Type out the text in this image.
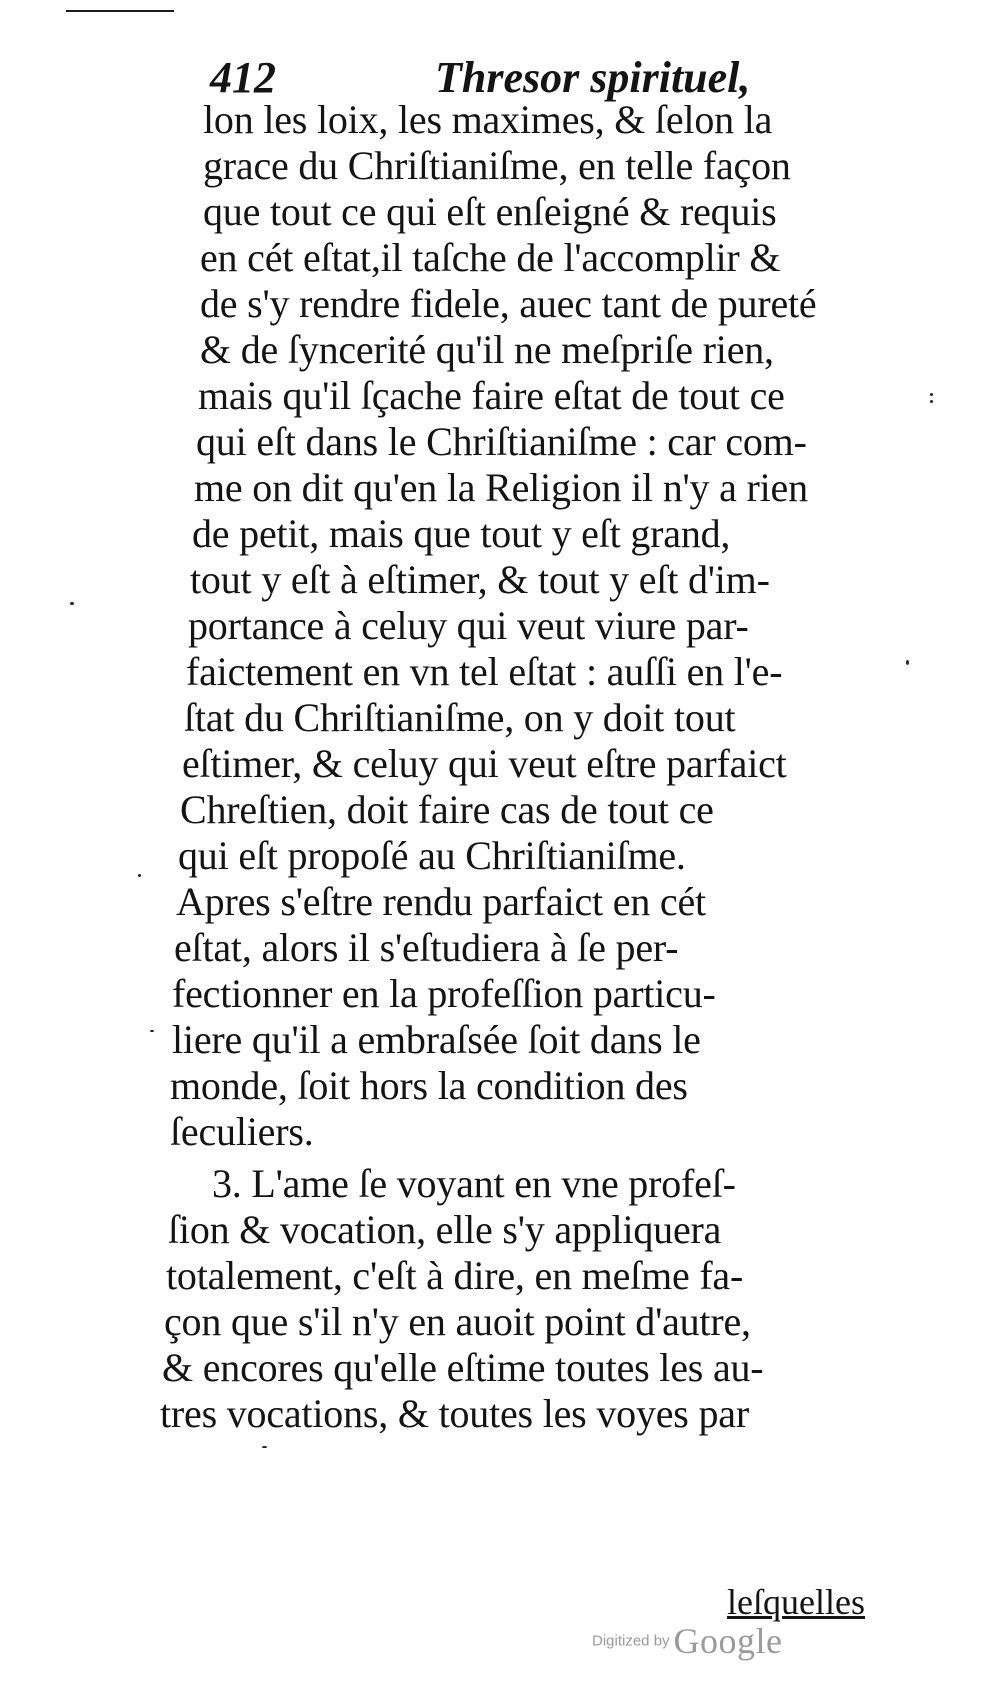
412	Thresor spirituel,
lon les loix, les maximes, & ſelon la
grace du Chriſtianiſme, en telle façon
que tout ce qui eſt enſeigné & requis
en cét eſtat,il taſche de l'accomplir &
de s'y rendre fidele, auec tant de pureté
& de ſyncerité qu'il ne meſpriſe rien,
mais qu'il ſçache faire eſtat de tout ce
qui eſt dans le Chriſtianiſme : car com-
me on dit qu'en la Religion il n'y a rien
de petit, mais que tout y eſt grand,
tout y eſt à eſtimer, & tout y eſt d'im-
portance à celuy qui veut viure par-
faictement en vn tel eſtat : auſſi en l'e-
ſtat du Chriſtianiſme, on y doit tout
eſtimer, & celuy qui veut eſtre parfaict
Chreſtien, doit faire cas de tout ce
qui eſt propoſé au Chriſtianiſme.
Apres s'eſtre rendu parfaict en cét
eſtat, alors il s'eſtudiera à ſe per-
fectionner en la profeſſion particu-
liere qu'il a embraſsée ſoit dans le
monde, ſoit hors la condition des
ſeculiers.
3. L'ame ſe voyant en vne profeſ-
ſion & vocation, elle s'y appliquera
totalement, c'eſt à dire, en meſme fa-
çon que s'il n'y en auoit point d'autre,
& encores qu'elle eſtime toutes les au-
tres vocations, & toutes les voyes par
leſquelles
Digitized by Google
